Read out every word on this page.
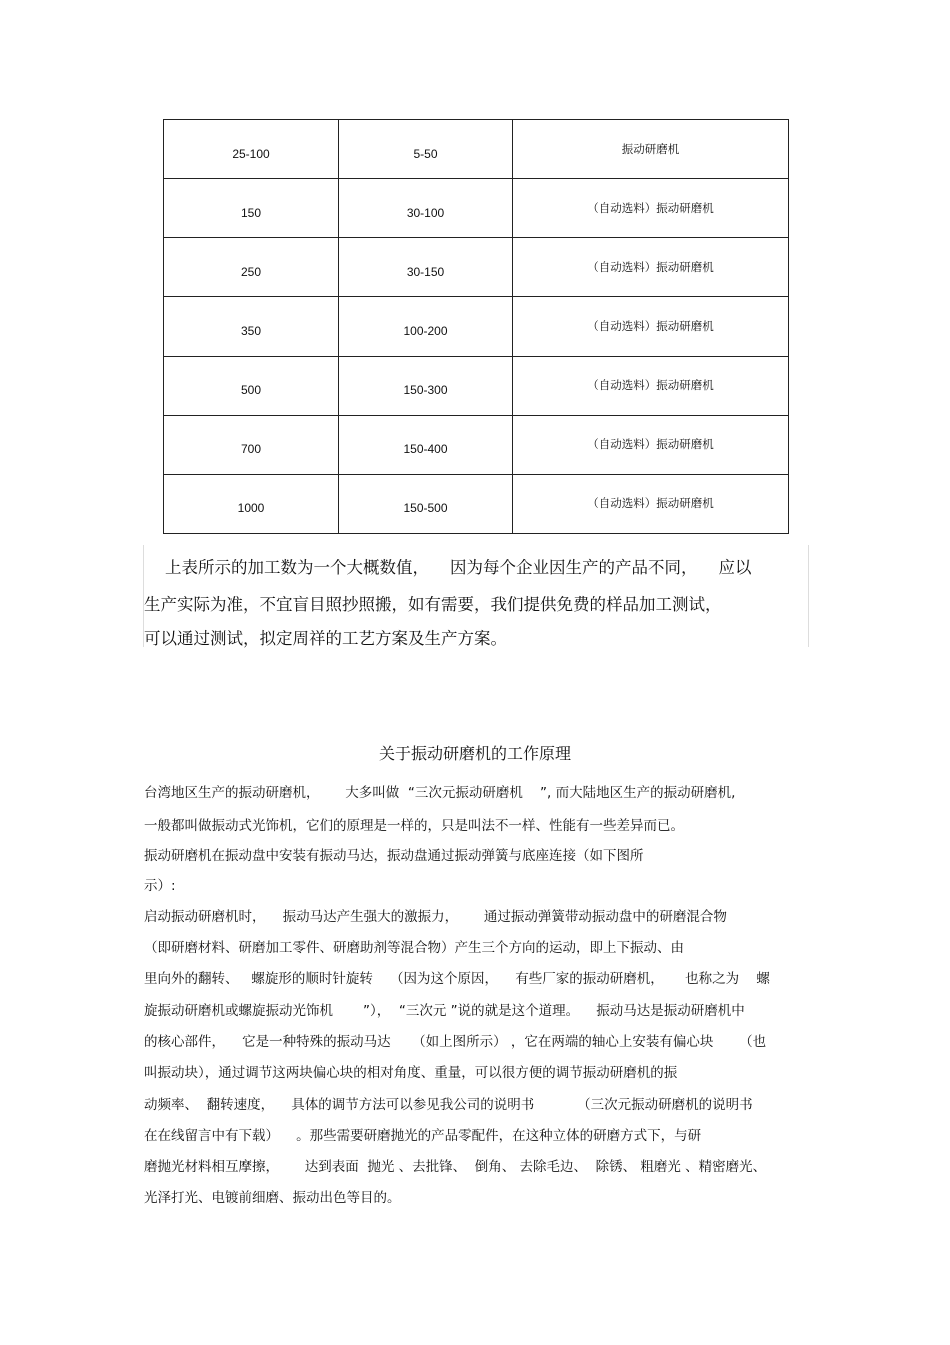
25-100	5-50	振动研磨机
150	30-100	（自动选料）振动研磨机
250	30-150	（自动选料）振动研磨机
350	100-200	（自动选料）振动研磨机
500	150-300	（自动选料）振动研磨机
700	150-400	（自动选料）振动研磨机
1000	150-500	（自动选料）振动研磨机
上表所示的加工数为一个大概数值，    因为每个企业因生产的产品不同，    应以
生产实际为准，不宜盲目照抄照搬，如有需要，我们提供免费的样品加工测试，
可以通过测试，拟定周祥的工艺方案及生产方案。
关于振动研磨机的工作原理
台湾地区生产的振动研磨机，      大多叫做  “三次元振动研磨机    ”, 而大陆地区生产的振动研磨机,
一般都叫做振动式光饰机，它们的原理是一样的，只是叫法不一样、性能有一些差异而已。
振动研磨机在振动盘中安装有振动马达，振动盘通过振动弹簧与底座连接（如下图所
示）:
启动振动研磨机时，    振动马达产生强大的激振力，      通过振动弹簧带动振动盘中的研磨混合物
（即研磨材料、研磨加工零件、研磨助剂等混合物）产生三个方向的运动，即上下振动、由
里向外的翻转、   螺旋形的顺时针旋转    （因为这个原因，    有些厂家的振动研磨机，     也称之为    螺
旋振动研磨机或螺旋振动光饰机       ”），  “三次元 ”说的就是这个道理。    振动马达是振动研磨机中
的核心部件，    它是一种特殊的振动马达     （如上图所示） ，它在两端的轴心上安装有偏心块      （也
叫振动块），通过调节这两块偏心块的相对角度、重量，可以很方便的调节振动研磨机的振
动频率、  翻转速度，    具体的调节方法可以参见我公司的说明书          （三次元振动研磨机的说明书
在在线留言中有下载）    。那些需要研磨抛光的产品零配件，在这种立体的研磨方式下，与研
磨抛光材料相互摩擦，      达到表面  抛光 、去批锋、  倒角、 去除毛边、  除锈、 粗磨光 、精密磨光、
光泽打光、电镀前细磨、振动出色等目的。
